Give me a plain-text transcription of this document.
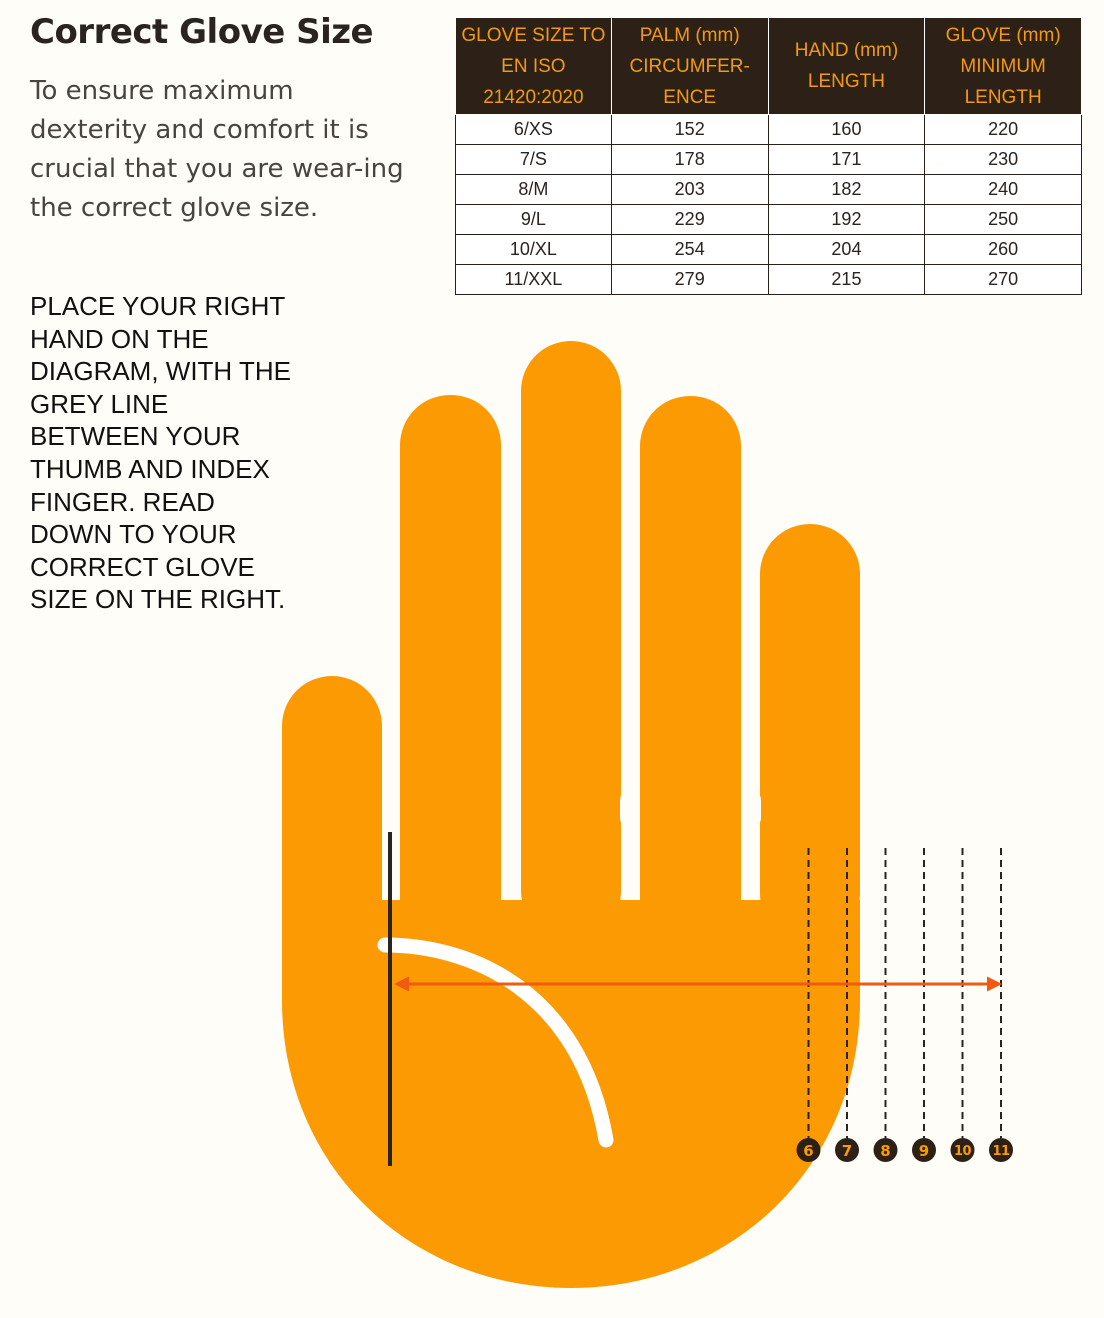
Correct Glove Size

To ensure maximum dexterity and comfort it is crucial that you are wear-ing the correct glove size.

PLACE YOUR RIGHT HAND ON THE DIAGRAM, WITH THE GREY LINE BETWEEN YOUR THUMB AND INDEX FINGER. READ DOWN TO YOUR CORRECT GLOVE SIZE ON THE RIGHT.

GLOVE SIZE TO EN ISO 21420:2020	PALM (mm) CIRCUMFER-ENCE	HAND (mm) LENGTH	GLOVE (mm) MINIMUM LENGTH
6/XS	152	160	220
7/S	178	171	230
8/M	203	182	240
9/L	229	192	250
10/XL	254	204	260
11/XXL	279	215	270
6 7 8 9 10 11
